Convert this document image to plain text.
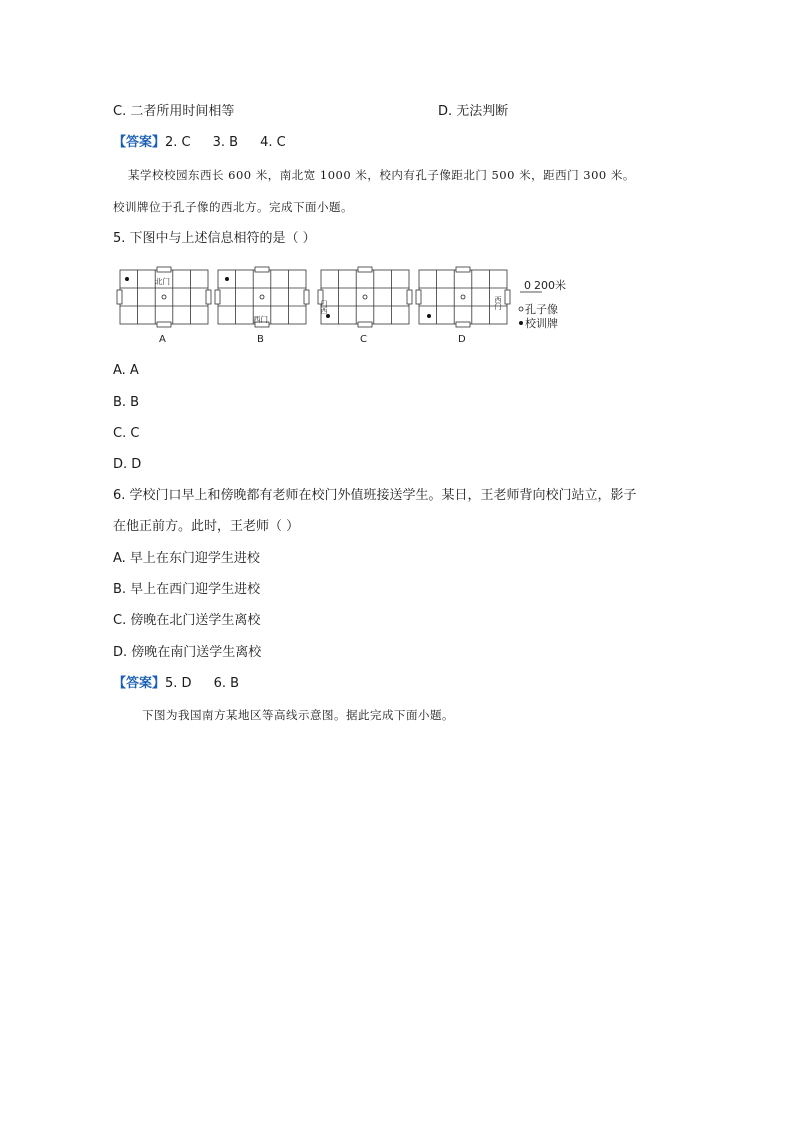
C. 二者所用时间相等	D. 无法判断
【答案】2. C 3. B 4. C
某学校校园东西长 600 米，南北宽 1000 米，校内有孔子像距北门 500 米，距西门 300 米。
校训牌位于孔子像的西北方。完成下面小题。
5. 下图中与上述信息相符的是（ ）
北门
西门
门西	西门
A	B	C	D
0 200米
孔子像
校训牌
A. A
B. B
C. C
D. D
6. 学校门口早上和傍晚都有老师在校门外值班接送学生。某日，王老师背向校门站立，影子
在他正前方。此时，王老师（ ）
A. 早上在东门迎学生进校
B. 早上在西门迎学生进校
C. 傍晚在北门送学生离校
D. 傍晚在南门送学生离校
【答案】5. D 6. B
下图为我国南方某地区等高线示意图。据此完成下面小题。
